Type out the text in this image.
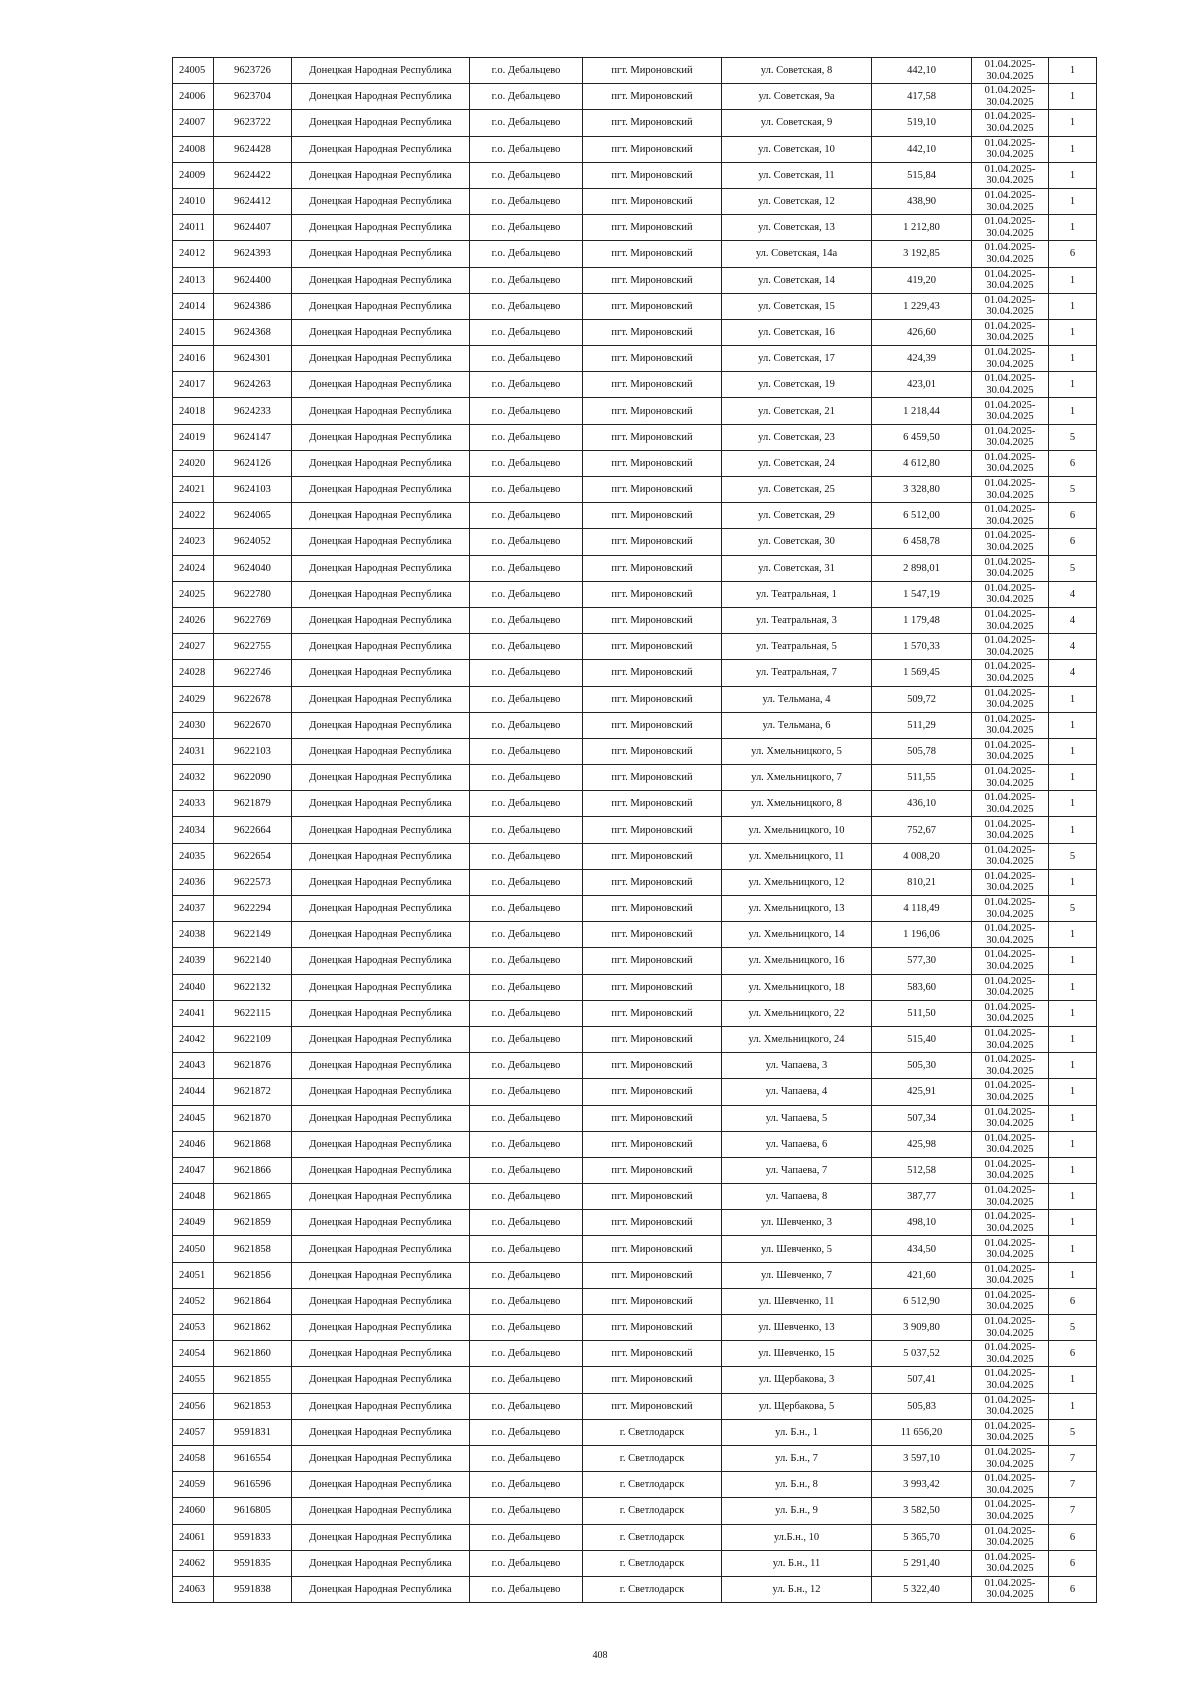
24005	9623726	Донецкая Народная Республика	г.о. Дебальцево	пгт. Мироновский	ул. Советская, 8	442,10	01.04.2025-30.04.2025	1
24006	9623704	Донецкая Народная Республика	г.о. Дебальцево	пгт. Мироновский	ул. Советская, 9а	417,58	01.04.2025-30.04.2025	1
24007	9623722	Донецкая Народная Республика	г.о. Дебальцево	пгт. Мироновский	ул. Советская, 9	519,10	01.04.2025-30.04.2025	1
24008	9624428	Донецкая Народная Республика	г.о. Дебальцево	пгт. Мироновский	ул. Советская, 10	442,10	01.04.2025-30.04.2025	1
24009	9624422	Донецкая Народная Республика	г.о. Дебальцево	пгт. Мироновский	ул. Советская, 11	515,84	01.04.2025-30.04.2025	1
24010	9624412	Донецкая Народная Республика	г.о. Дебальцево	пгт. Мироновский	ул. Советская, 12	438,90	01.04.2025-30.04.2025	1
24011	9624407	Донецкая Народная Республика	г.о. Дебальцево	пгт. Мироновский	ул. Советская, 13	1 212,80	01.04.2025-30.04.2025	1
24012	9624393	Донецкая Народная Республика	г.о. Дебальцево	пгт. Мироновский	ул. Советская, 14а	3 192,85	01.04.2025-30.04.2025	6
24013	9624400	Донецкая Народная Республика	г.о. Дебальцево	пгт. Мироновский	ул. Советская, 14	419,20	01.04.2025-30.04.2025	1
24014	9624386	Донецкая Народная Республика	г.о. Дебальцево	пгт. Мироновский	ул. Советская, 15	1 229,43	01.04.2025-30.04.2025	1
24015	9624368	Донецкая Народная Республика	г.о. Дебальцево	пгт. Мироновский	ул. Советская, 16	426,60	01.04.2025-30.04.2025	1
24016	9624301	Донецкая Народная Республика	г.о. Дебальцево	пгт. Мироновский	ул. Советская, 17	424,39	01.04.2025-30.04.2025	1
24017	9624263	Донецкая Народная Республика	г.о. Дебальцево	пгт. Мироновский	ул. Советская, 19	423,01	01.04.2025-30.04.2025	1
24018	9624233	Донецкая Народная Республика	г.о. Дебальцево	пгт. Мироновский	ул. Советская, 21	1 218,44	01.04.2025-30.04.2025	1
24019	9624147	Донецкая Народная Республика	г.о. Дебальцево	пгт. Мироновский	ул. Советская, 23	6 459,50	01.04.2025-30.04.2025	5
24020	9624126	Донецкая Народная Республика	г.о. Дебальцево	пгт. Мироновский	ул. Советская, 24	4 612,80	01.04.2025-30.04.2025	6
24021	9624103	Донецкая Народная Республика	г.о. Дебальцево	пгт. Мироновский	ул. Советская, 25	3 328,80	01.04.2025-30.04.2025	5
24022	9624065	Донецкая Народная Республика	г.о. Дебальцево	пгт. Мироновский	ул. Советская, 29	6 512,00	01.04.2025-30.04.2025	6
24023	9624052	Донецкая Народная Республика	г.о. Дебальцево	пгт. Мироновский	ул. Советская, 30	6 458,78	01.04.2025-30.04.2025	6
24024	9624040	Донецкая Народная Республика	г.о. Дебальцево	пгт. Мироновский	ул. Советская, 31	2 898,01	01.04.2025-30.04.2025	5
24025	9622780	Донецкая Народная Республика	г.о. Дебальцево	пгт. Мироновский	ул. Театральная, 1	1 547,19	01.04.2025-30.04.2025	4
24026	9622769	Донецкая Народная Республика	г.о. Дебальцево	пгт. Мироновский	ул. Театральная, 3	1 179,48	01.04.2025-30.04.2025	4
24027	9622755	Донецкая Народная Республика	г.о. Дебальцево	пгт. Мироновский	ул. Театральная, 5	1 570,33	01.04.2025-30.04.2025	4
24028	9622746	Донецкая Народная Республика	г.о. Дебальцево	пгт. Мироновский	ул. Театральная, 7	1 569,45	01.04.2025-30.04.2025	4
24029	9622678	Донецкая Народная Республика	г.о. Дебальцево	пгт. Мироновский	ул. Тельмана, 4	509,72	01.04.2025-30.04.2025	1
24030	9622670	Донецкая Народная Республика	г.о. Дебальцево	пгт. Мироновский	ул. Тельмана, 6	511,29	01.04.2025-30.04.2025	1
24031	9622103	Донецкая Народная Республика	г.о. Дебальцево	пгт. Мироновский	ул. Хмельницкого, 5	505,78	01.04.2025-30.04.2025	1
24032	9622090	Донецкая Народная Республика	г.о. Дебальцево	пгт. Мироновский	ул. Хмельницкого, 7	511,55	01.04.2025-30.04.2025	1
24033	9621879	Донецкая Народная Республика	г.о. Дебальцево	пгт. Мироновский	ул. Хмельницкого, 8	436,10	01.04.2025-30.04.2025	1
24034	9622664	Донецкая Народная Республика	г.о. Дебальцево	пгт. Мироновский	ул. Хмельницкого, 10	752,67	01.04.2025-30.04.2025	1
24035	9622654	Донецкая Народная Республика	г.о. Дебальцево	пгт. Мироновский	ул. Хмельницкого, 11	4 008,20	01.04.2025-30.04.2025	5
24036	9622573	Донецкая Народная Республика	г.о. Дебальцево	пгт. Мироновский	ул. Хмельницкого, 12	810,21	01.04.2025-30.04.2025	1
24037	9622294	Донецкая Народная Республика	г.о. Дебальцево	пгт. Мироновский	ул. Хмельницкого, 13	4 118,49	01.04.2025-30.04.2025	5
24038	9622149	Донецкая Народная Республика	г.о. Дебальцево	пгт. Мироновский	ул. Хмельницкого, 14	1 196,06	01.04.2025-30.04.2025	1
24039	9622140	Донецкая Народная Республика	г.о. Дебальцево	пгт. Мироновский	ул. Хмельницкого, 16	577,30	01.04.2025-30.04.2025	1
24040	9622132	Донецкая Народная Республика	г.о. Дебальцево	пгт. Мироновский	ул. Хмельницкого, 18	583,60	01.04.2025-30.04.2025	1
24041	9622115	Донецкая Народная Республика	г.о. Дебальцево	пгт. Мироновский	ул. Хмельницкого, 22	511,50	01.04.2025-30.04.2025	1
24042	9622109	Донецкая Народная Республика	г.о. Дебальцево	пгт. Мироновский	ул. Хмельницкого, 24	515,40	01.04.2025-30.04.2025	1
24043	9621876	Донецкая Народная Республика	г.о. Дебальцево	пгт. Мироновский	ул. Чапаева, 3	505,30	01.04.2025-30.04.2025	1
24044	9621872	Донецкая Народная Республика	г.о. Дебальцево	пгт. Мироновский	ул. Чапаева, 4	425,91	01.04.2025-30.04.2025	1
24045	9621870	Донецкая Народная Республика	г.о. Дебальцево	пгт. Мироновский	ул. Чапаева, 5	507,34	01.04.2025-30.04.2025	1
24046	9621868	Донецкая Народная Республика	г.о. Дебальцево	пгт. Мироновский	ул. Чапаева, 6	425,98	01.04.2025-30.04.2025	1
24047	9621866	Донецкая Народная Республика	г.о. Дебальцево	пгт. Мироновский	ул. Чапаева, 7	512,58	01.04.2025-30.04.2025	1
24048	9621865	Донецкая Народная Республика	г.о. Дебальцево	пгт. Мироновский	ул. Чапаева, 8	387,77	01.04.2025-30.04.2025	1
24049	9621859	Донецкая Народная Республика	г.о. Дебальцево	пгт. Мироновский	ул. Шевченко, 3	498,10	01.04.2025-30.04.2025	1
24050	9621858	Донецкая Народная Республика	г.о. Дебальцево	пгт. Мироновский	ул. Шевченко, 5	434,50	01.04.2025-30.04.2025	1
24051	9621856	Донецкая Народная Республика	г.о. Дебальцево	пгт. Мироновский	ул. Шевченко, 7	421,60	01.04.2025-30.04.2025	1
24052	9621864	Донецкая Народная Республика	г.о. Дебальцево	пгт. Мироновский	ул. Шевченко, 11	6 512,90	01.04.2025-30.04.2025	6
24053	9621862	Донецкая Народная Республика	г.о. Дебальцево	пгт. Мироновский	ул. Шевченко, 13	3 909,80	01.04.2025-30.04.2025	5
24054	9621860	Донецкая Народная Республика	г.о. Дебальцево	пгт. Мироновский	ул. Шевченко, 15	5 037,52	01.04.2025-30.04.2025	6
24055	9621855	Донецкая Народная Республика	г.о. Дебальцево	пгт. Мироновский	ул. Щербакова, 3	507,41	01.04.2025-30.04.2025	1
24056	9621853	Донецкая Народная Республика	г.о. Дебальцево	пгт. Мироновский	ул. Щербакова, 5	505,83	01.04.2025-30.04.2025	1
24057	9591831	Донецкая Народная Республика	г.о. Дебальцево	г. Светлодарск	ул. Б.н., 1	11 656,20	01.04.2025-30.04.2025	5
24058	9616554	Донецкая Народная Республика	г.о. Дебальцево	г. Светлодарск	ул. Б.н., 7	3 597,10	01.04.2025-30.04.2025	7
24059	9616596	Донецкая Народная Республика	г.о. Дебальцево	г. Светлодарск	ул. Б.н., 8	3 993,42	01.04.2025-30.04.2025	7
24060	9616805	Донецкая Народная Республика	г.о. Дебальцево	г. Светлодарск	ул. Б.н., 9	3 582,50	01.04.2025-30.04.2025	7
24061	9591833	Донецкая Народная Республика	г.о. Дебальцево	г. Светлодарск	ул.Б.н., 10	5 365,70	01.04.2025-30.04.2025	6
24062	9591835	Донецкая Народная Республика	г.о. Дебальцево	г. Светлодарск	ул. Б.н., 11	5 291,40	01.04.2025-30.04.2025	6
24063	9591838	Донецкая Народная Республика	г.о. Дебальцево	г. Светлодарск	ул. Б.н., 12	5 322,40	01.04.2025-30.04.2025	6
408
